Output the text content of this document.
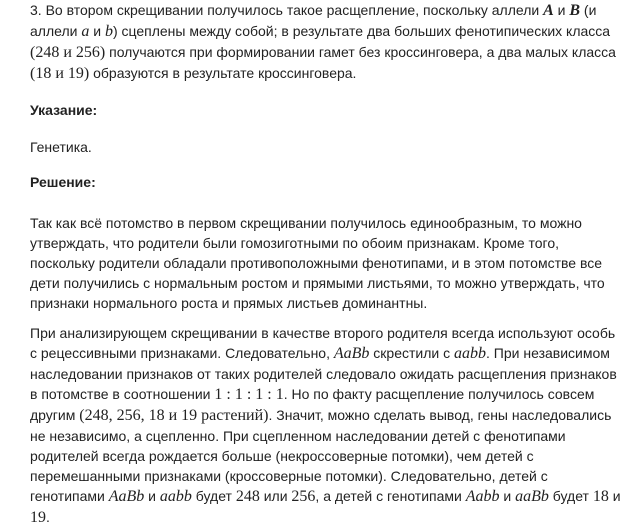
3. Во втором скрещивании получилось такое расщепление, поскольку аллели A и B (и аллели a и b) сцеплены между собой; в результате два больших фенотипических класса (248 и 256) получаются при формировании гамет без кроссинговера, а два малых класса (18 и 19) образуются в результате кроссинговера.

Указание:

Генетика.

Решение:

Так как всё потомство в первом скрещивании получилось единообразным, то можно утверждать, что родители были гомозиготными по обоим признакам. Кроме того, поскольку родители обладали противоположными фенотипами, и в этом потомстве все дети получились с нормальным ростом и прямыми листьями, то можно утверждать, что признаки нормального роста и прямых листьев доминантны.

При анализирующем скрещивании в качестве второго родителя всегда используют особь с рецессивными признаками. Следовательно, AaBb скрестили с aabb. При независимом наследовании признаков от таких родителей следовало ожидать расщепления признаков в потомстве в соотношении 1 : 1 : 1 : 1. Но по факту расщепление получилось совсем другим (248, 256, 18 и 19 растений). Значит, можно сделать вывод, гены наследовались не независимо, а сцепленно. При сцепленном наследовании детей с фенотипами родителей всегда рождается больше (некроссоверные потомки), чем детей с перемешанными признаками (кроссоверные потомки). Следовательно, детей с генотипами AaBb и aabb будет 248 или 256, а детей с генотипами Aabb и aaBb будет 18 и 19.
